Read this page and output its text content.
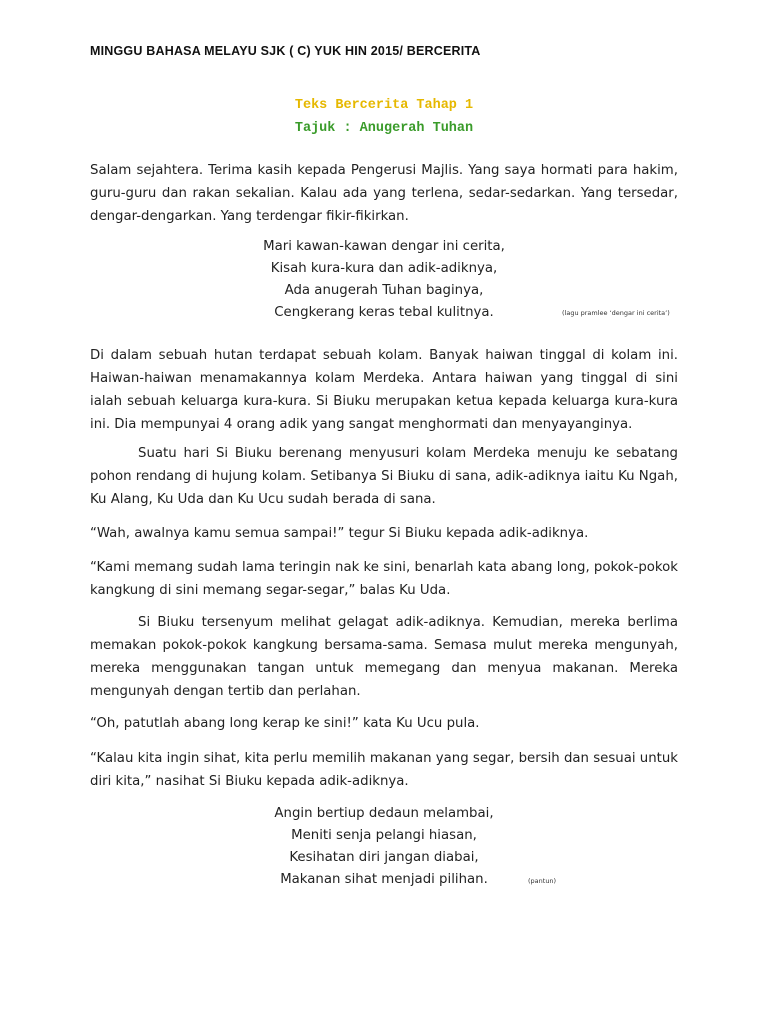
MINGGU BAHASA MELAYU SJK ( C) YUK HIN 2015/ BERCERITA
Teks Bercerita Tahap 1
Tajuk : Anugerah Tuhan

Salam sejahtera. Terima kasih kepada Pengerusi Majlis. Yang saya hormati para hakim, guru-guru dan rakan sekalian. Kalau ada yang terlena, sedar-sedarkan. Yang tersedar, dengar-dengarkan. Yang terdengar fikir-fikirkan.

Mari kawan-kawan dengar ini cerita,
Kisah kura-kura dan adik-adiknya,
Ada anugerah Tuhan baginya,
Cengkerang keras tebal kulitnya.	(lagu pramlee ‘dengar ini cerita’)

Di dalam sebuah hutan terdapat sebuah kolam. Banyak haiwan tinggal di kolam ini. Haiwan-haiwan menamakannya kolam Merdeka. Antara haiwan yang tinggal di sini ialah sebuah keluarga kura-kura. Si Biuku merupakan ketua kepada keluarga kura-kura ini. Dia mempunyai 4 orang adik yang sangat menghormati dan menyayanginya.

Suatu hari Si Biuku berenang menyusuri kolam Merdeka menuju ke sebatang pohon rendang di hujung kolam. Setibanya Si Biuku di sana, adik-adiknya iaitu Ku Ngah, Ku Alang, Ku Uda dan Ku Ucu sudah berada di sana.

“Wah, awalnya kamu semua sampai!” tegur Si Biuku kepada adik-adiknya.

“Kami memang sudah lama teringin nak ke sini, benarlah kata abang long, pokok-pokok kangkung di sini memang segar-segar,” balas Ku Uda.

Si Biuku tersenyum melihat gelagat adik-adiknya. Kemudian, mereka berlima memakan pokok-pokok kangkung bersama-sama. Semasa mulut mereka mengunyah, mereka menggunakan tangan untuk memegang dan menyua makanan. Mereka mengunyah dengan tertib dan perlahan.

“Oh, patutlah abang long kerap ke sini!” kata Ku Ucu pula.

“Kalau kita ingin sihat, kita perlu memilih makanan yang segar, bersih dan sesuai untuk diri kita,” nasihat Si Biuku kepada adik-adiknya.

Angin bertiup dedaun melambai,
Meniti senja pelangi hiasan,
Kesihatan diri jangan diabai,
Makanan sihat menjadi pilihan.	(pantun)
